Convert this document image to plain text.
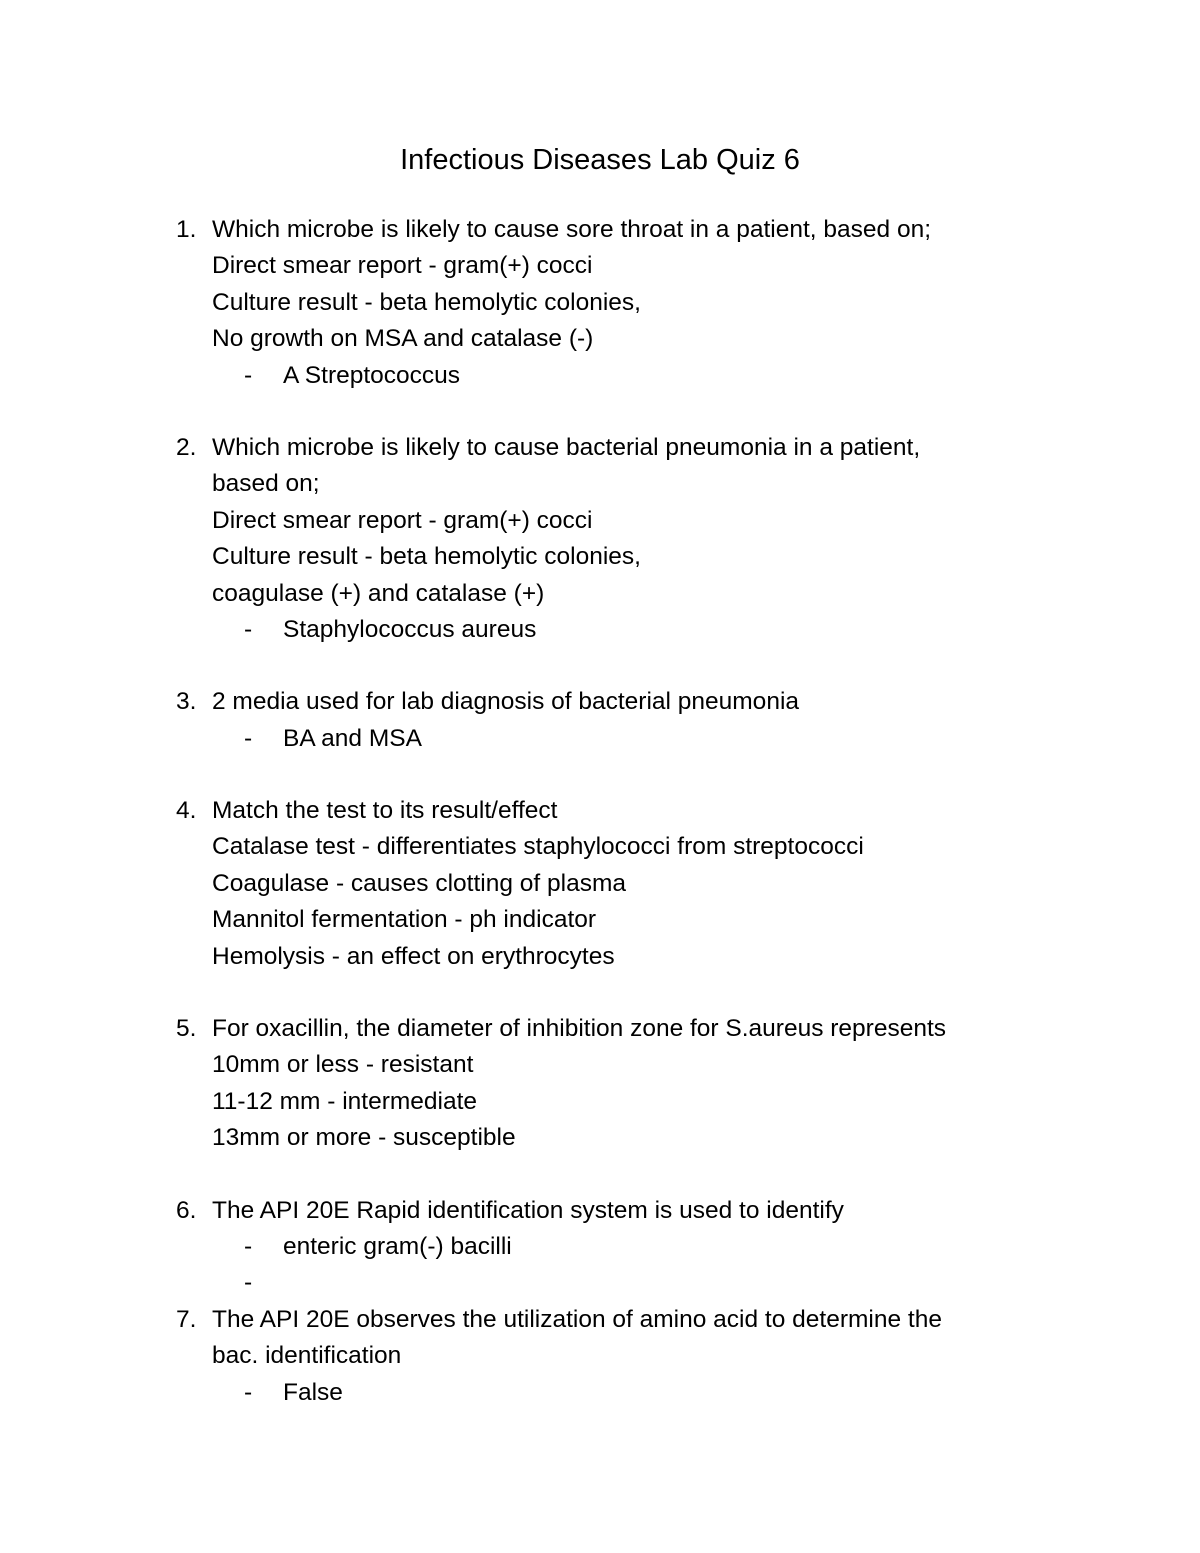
Infectious Diseases Lab Quiz 6
1. Which microbe is likely to cause sore throat in a patient, based on;
Direct smear report - gram(+) cocci
Culture result - beta hemolytic colonies,
No growth on MSA and catalase (-)
- A Streptococcus
2. Which microbe is likely to cause bacterial pneumonia in a patient,
based on;
Direct smear report - gram(+) cocci
Culture result - beta hemolytic colonies,
coagulase (+) and catalase (+)
- Staphylococcus aureus
3. 2 media used for lab diagnosis of bacterial pneumonia
- BA and MSA
4. Match the test to its result/effect
Catalase test - differentiates staphylococci from streptococci
Coagulase - causes clotting of plasma
Mannitol fermentation - ph indicator
Hemolysis - an effect on erythrocytes
5. For oxacillin, the diameter of inhibition zone for S.aureus represents
10mm or less - resistant
11-12 mm - intermediate
13mm or more - susceptible
6. The API 20E Rapid identification system is used to identify
- enteric gram(-) bacilli
-
7. The API 20E observes the utilization of amino acid to determine the
bac. identification
- False
